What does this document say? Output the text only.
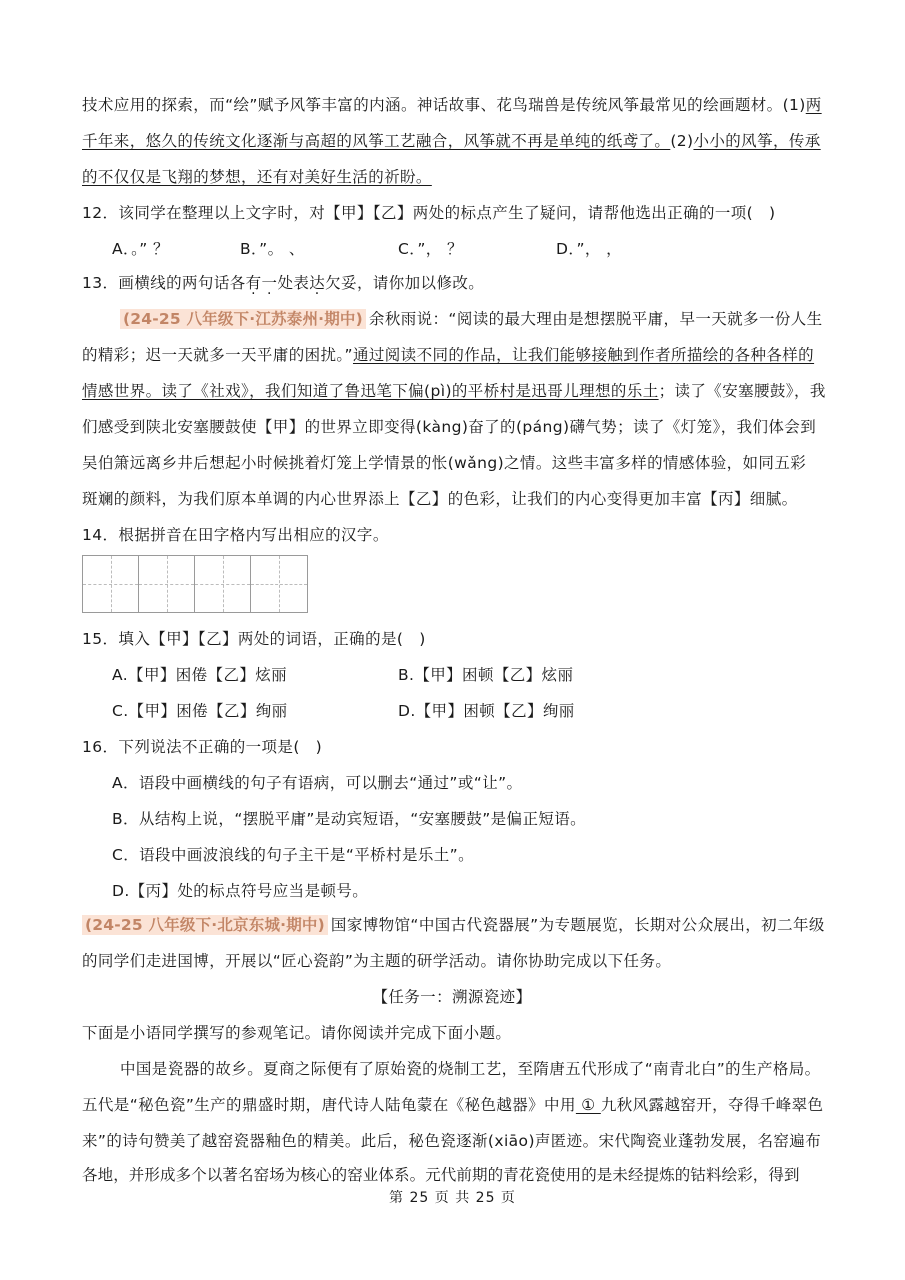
技术应用的探索，而“绘”赋予风筝丰富的内涵。神话故事、花鸟瑞兽是传统风筝最常见的绘画题材。(1)两
千年来，悠久的传统文化逐渐与高超的风筝工艺融合，风筝就不再是单纯的纸鸢了。(2)小小的风筝，传承
的不仅仅是飞翔的梦想，还有对美好生活的祈盼。
12．该同学在整理以上文字时，对【甲】【乙】两处的标点产生了疑问，请帮他选出正确的一项(　)
A．。” ？	B．”。 、	C．”， ？	D．”， ，
13．画横线的两句话各有一处表达欠妥，请你加以修改。
(24-25 八年级下·江苏泰州·期中) 余秋雨说：“阅读的最大理由是想摆脱平庸，早一天就多一份人生
的精彩；迟一天就多一天平庸的困扰。”通过阅读不同的作品，让我们能够接触到作者所描绘的各种各样的
情感世界。读了《社戏》，我们知道了鲁迅笔下偏(pì)的平桥村是迅哥儿理想的乐土；读了《安塞腰鼓》，我
们感受到陕北安塞腰鼓使【甲】的世界立即变得(kàng)奋了的(páng)礴气势；读了《灯笼》，我们体会到
吴伯箫远离乡井后想起小时候挑着灯笼上学情景的怅(wǎng)之情。这些丰富多样的情感体验，如同五彩
斑斓的颜料，为我们原本单调的内心世界添上【乙】的色彩，让我们的内心变得更加丰富【丙】细腻。
14．根据拼音在田字格内写出相应的汉字。
15．填入【甲】【乙】两处的词语，正确的是(　)
A.【甲】困倦【乙】炫丽	B.【甲】困顿【乙】炫丽
C.【甲】困倦【乙】绚丽	D.【甲】困顿【乙】绚丽
16．下列说法不正确的一项是(　)
A．语段中画横线的句子有语病，可以删去“通过”或“让”。
B．从结构上说，“摆脱平庸”是动宾短语，“安塞腰鼓”是偏正短语。
C．语段中画波浪线的句子主干是“平桥村是乐土”。
D.【丙】处的标点符号应当是顿号。
(24-25 八年级下·北京东城·期中) 国家博物馆“中国古代瓷器展”为专题展览，长期对公众展出，初二年级
的同学们走进国博，开展以“匠心瓷韵”为主题的研学活动。请你协助完成以下任务。
【任务一：溯源瓷迹】
下面是小语同学撰写的参观笔记。请你阅读并完成下面小题。
中国是瓷器的故乡。夏商之际便有了原始瓷的烧制工艺，至隋唐五代形成了“南青北白”的生产格局。
五代是“秘色瓷”生产的鼎盛时期，唐代诗人陆龟蒙在《秘色越器》中用 ① 九秋风露越窑开，夺得千峰翠色
来”的诗句赞美了越窑瓷器釉色的精美。此后，秘色瓷逐渐(xiāo)声匿迹。宋代陶瓷业蓬勃发展，名窑遍布
各地，并形成多个以著名窑场为核心的窑业体系。元代前期的青花瓷使用的是未经提炼的钴料绘彩，得到
第 25 页 共 25 页
